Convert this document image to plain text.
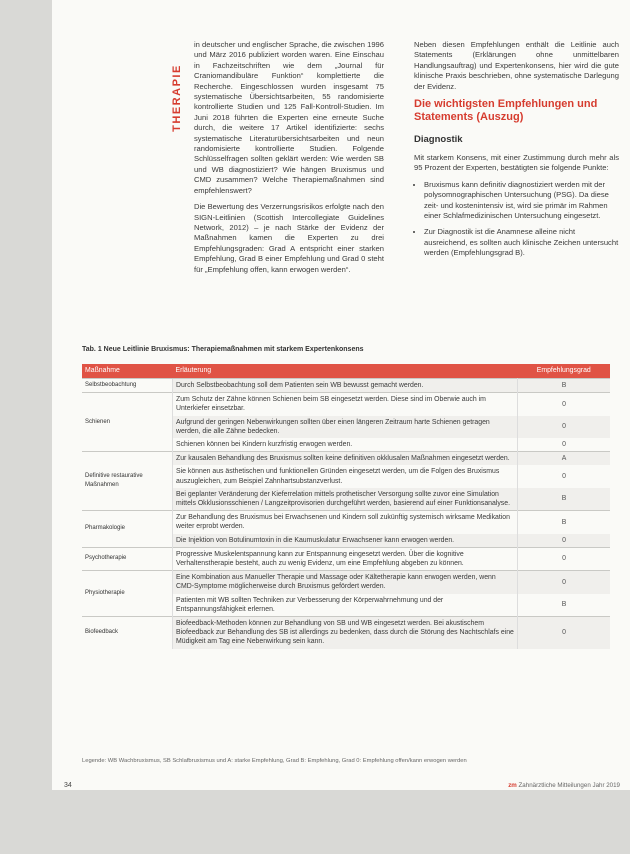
THERAPIE

in deutscher und englischer Sprache, die zwischen 1996 und März 2016 publiziert worden waren. Eine Einschau in Fachzeitschriften wie dem „Journal für Craniomandibuläre Funktion“ komplettierte die Recherche. Eingeschlossen wurden insgesamt 75 systematische Übersichtsarbeiten, 55 randomisierte kontrollierte Studien und 125 Fall-Kontroll-Studien. Im Juni 2018 führten die Experten eine erneute Suche durch, die weitere 17 Artikel identifizierte: sechs systematische Literaturübersichtsarbeiten und neun randomisierte kontrollierte Studien. Folgende Schlüsselfragen sollten geklärt werden: Wie werden SB und WB diagnostiziert? Wie hängen Bruxismus und CMD zusammen? Welche Therapiemaßnahmen sind empfehlenswert?

Die Bewertung des Verzerrungsrisikos erfolgte nach den SIGN-Leitlinien (Scottish Intercollegiate Guidelines Network, 2012) – je nach Stärke der Evidenz der Maßnahmen kamen die Experten zu drei Empfehlungsgraden: Grad A entspricht einer starken Empfehlung, Grad B einer Empfehlung und Grad 0 steht für „Empfehlung offen, kann erwogen werden“.

Neben diesen Empfehlungen enthält die Leitlinie auch Statements (Erklärungen ohne unmittelbaren Handlungsauftrag) und Expertenkonsens, hier wird die gute klinische Praxis beschrieben, ohne systematische Darlegung der Evidenz.

Die wichtigsten Empfehlungen und Statements (Auszug)
Diagnostik

Mit starkem Konsens, mit einer Zustimmung durch mehr als 95 Prozent der Experten, bestätigten sie folgende Punkte:

• Bruxismus kann definitiv diagnostiziert werden mit der polysomnographischen Untersuchung (PSG). Da diese zeit- und kostenintensiv ist, wird sie primär im Rahmen einer Schlafmedizinischen Untersuchung eingesetzt.
• Zur Diagnostik ist die Anamnese alleine nicht ausreichend, es sollten auch klinische Zeichen untersucht werden (Empfehlungsgrad B).
Tab. 1 Neue Leitlinie Bruxismus: Therapiemaßnahmen mit starkem Expertenkonsens
Maßnahme	Erläuterung	Empfehlungsgrad
Selbstbeobachtung	Durch Selbstbeobachtung soll dem Patienten sein WB bewusst gemacht werden.	B
Schienen	Zum Schutz der Zähne können Schienen beim SB eingesetzt werden. Diese sind im Oberwie auch im Unterkiefer einsetzbar.	0
	Aufgrund der geringen Nebenwirkungen sollten über einen längeren Zeitraum harte Schienen getragen werden, die alle Zähne bedecken.	0
	Schienen können bei Kindern kurzfristig erwogen werden.	0
Definitive restaurative Maßnahmen	Zur kausalen Behandlung des Bruxismus sollten keine definitiven okklusalen Maßnahmen eingesetzt werden.	A
	Sie können aus ästhetischen und funktionellen Gründen eingesetzt werden, um die Folgen des Bruxismus auszugleichen, zum Beispiel Zahnhartsubstanzverlust.	0
	Bei geplanter Veränderung der Kieferrelation mittels prothetischer Versorgung sollte zuvor eine Simulation mittels Okklusionsschienen / Langzeitprovisorien durchgeführt werden, basierend auf einer Funktionsanalyse.	B
Pharmakologie	Zur Behandlung des Bruxismus bei Erwachsenen und Kindern soll zukünftig systemisch wirksame Medikation weiter erprobt werden.	B
	Die Injektion von Botulinumtoxin in die Kaumuskulatur Erwachsener kann erwogen werden.	0
Psychotherapie	Progressive Muskelentspannung kann zur Entspannung eingesetzt werden. Über die kognitive Verhaltenstherapie besteht, auch zu wenig Evidenz, um eine Empfehlung abgeben zu können.	0
Physiotherapie	Eine Kombination aus Manueller Therapie und Massage oder Kältetherapie kann erwogen werden, wenn CMD-Symptome möglicherweise durch Bruxismus gefördert werden.	0
	Patienten mit WB sollten Techniken zur Verbesserung der Körperwahrnehmung und der Entspannungsfähigkeit erlernen.	B
Biofeedback	Biofeedback-Methoden können zur Behandlung von SB und WB eingesetzt werden. Bei akustischem Biofeedback zur Behandlung des SB ist allerdings zu bedenken, dass durch die Störung des Nachtschlafs eine Müdigkeit am Tag eine Nebenwirkung sein kann.	0
Legende: WB Wachbruxismus, SB Schlafbruxismus und A: starke Empfehlung, Grad B: Empfehlung, Grad 0: Empfehlung offen/kann erwogen werden
34	zm Zahnärztliche Mitteilungen Jahr 2019
